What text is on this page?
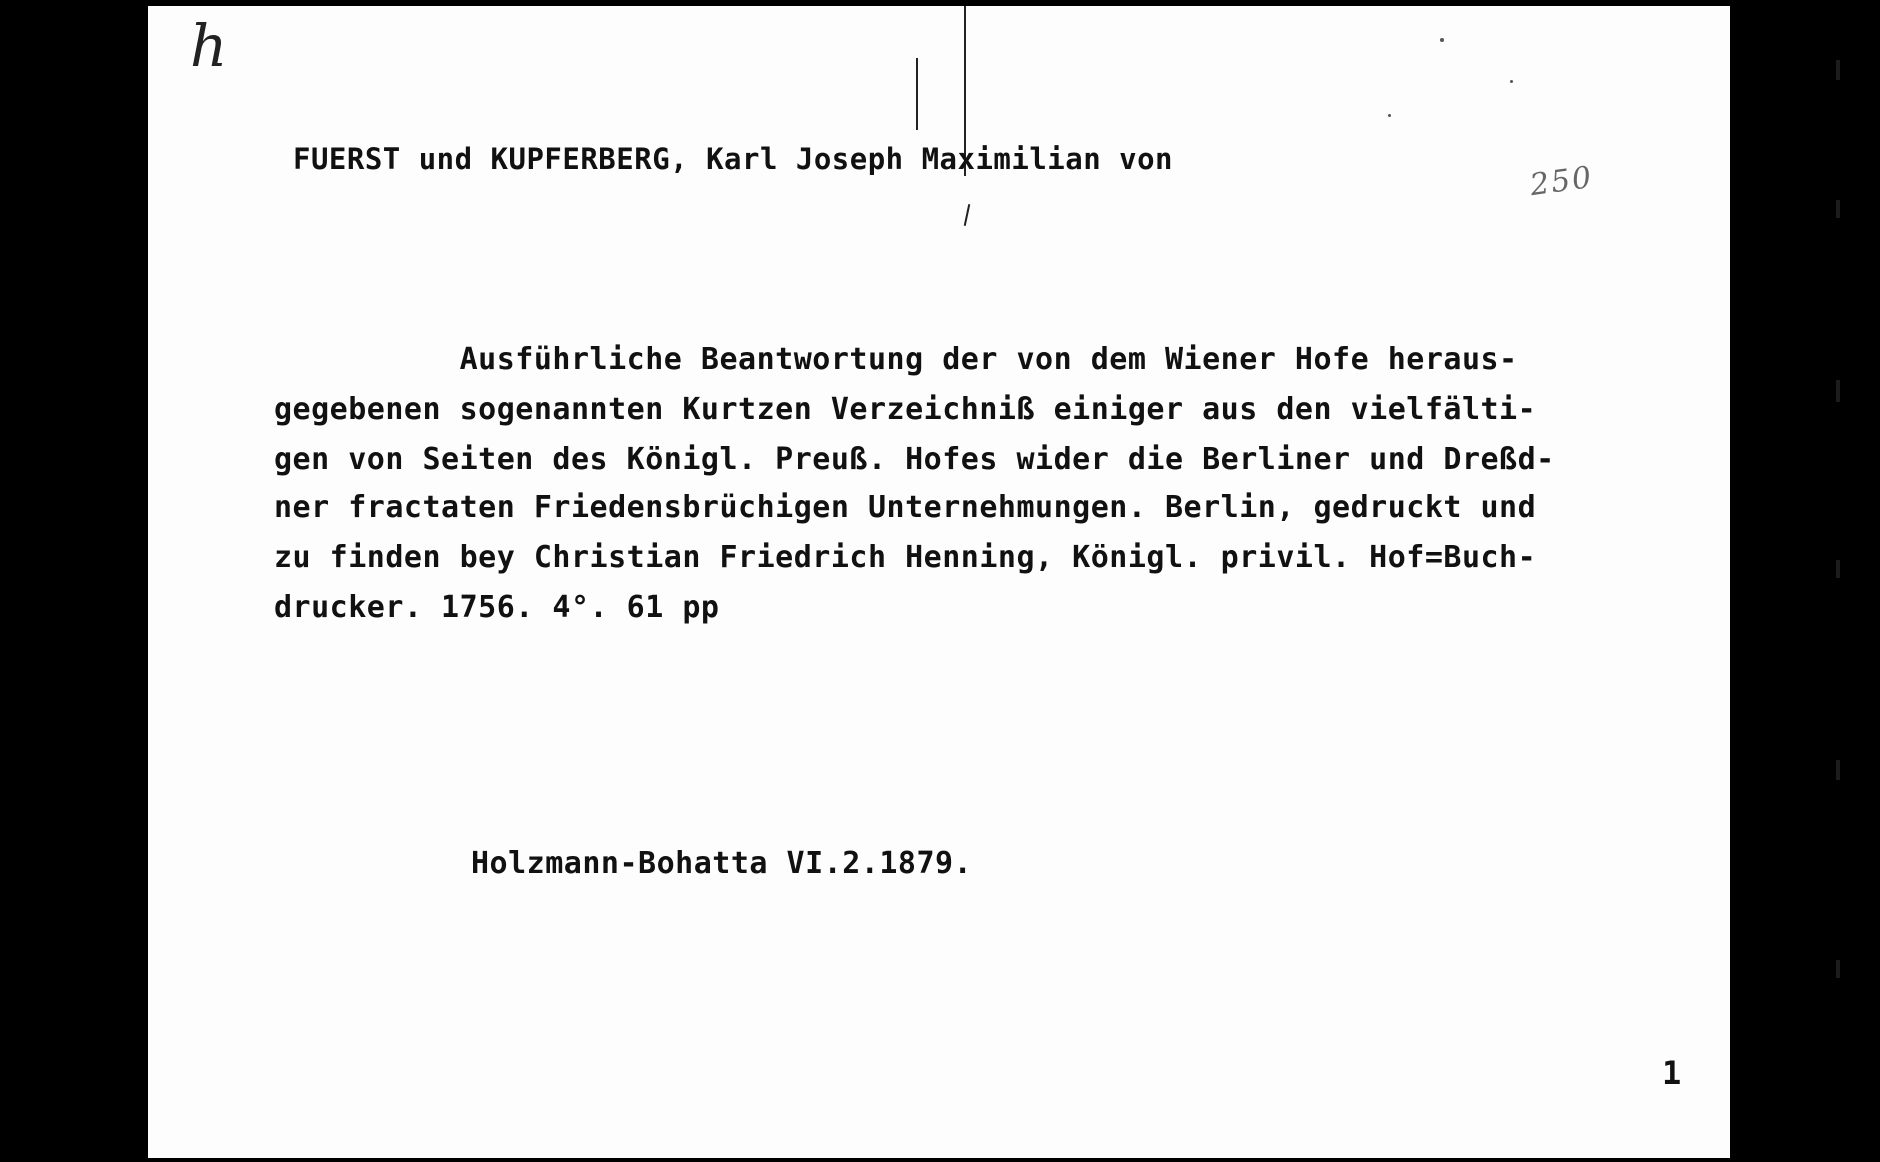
h
FUERST und KUPFERBERG, Karl Joseph Maximilian von
250
Ausführliche Beantwortung der von dem Wiener Hofe heraus-
gegebenen sogenannten Kurtzen Verzeichniß einiger aus den vielfälti-
gen von Seiten des Königl. Preuß. Hofes wider die Berliner und Dreßd-
ner fractaten Friedensbrüchigen Unternehmungen. Berlin, gedruckt und
zu finden bey Christian Friedrich Henning, Königl. privil. Hof=Buch-
drucker. 1756. 4°. 61 pp
Holzmann-Bohatta VI.2.1879.
1
